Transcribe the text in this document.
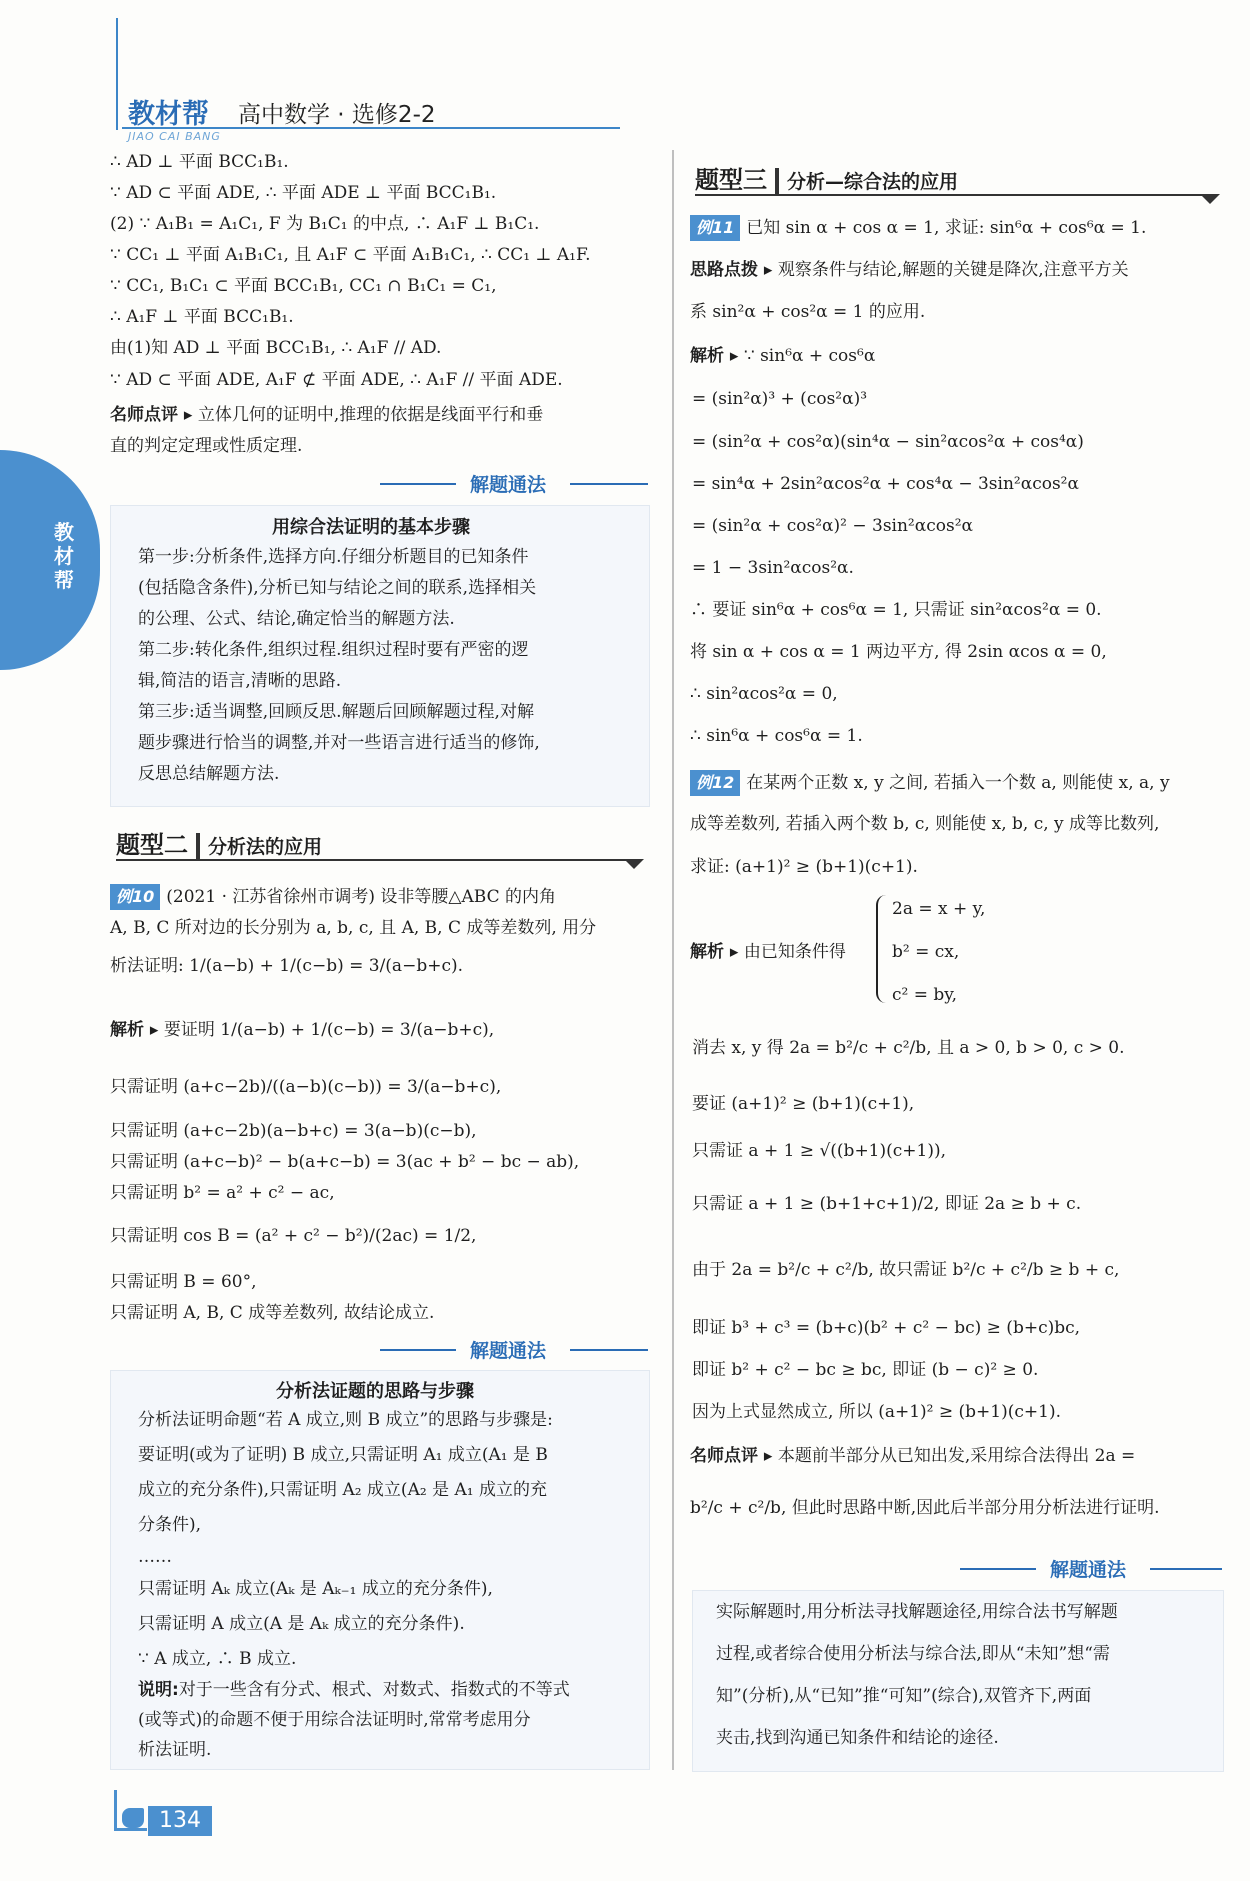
教材帮
JIAO CAI BANG
高中数学 · 选修2-2
教材帮
∴ AD ⊥ 平面 BCC₁B₁.
∵ AD ⊂ 平面 ADE, ∴ 平面 ADE ⊥ 平面 BCC₁B₁.
(2) ∵ A₁B₁ = A₁C₁, F 为 B₁C₁ 的中点, ∴ A₁F ⊥ B₁C₁.
∵ CC₁ ⊥ 平面 A₁B₁C₁, 且 A₁F ⊂ 平面 A₁B₁C₁, ∴ CC₁ ⊥ A₁F.
∵ CC₁, B₁C₁ ⊂ 平面 BCC₁B₁, CC₁ ∩ B₁C₁ = C₁,
∴ A₁F ⊥ 平面 BCC₁B₁.
由(1)知 AD ⊥ 平面 BCC₁B₁, ∴ A₁F // AD.
∵ AD ⊂ 平面 ADE, A₁F ⊄ 平面 ADE, ∴ A₁F // 平面 ADE.
名师点评 ▸ 立体几何的证明中,推理的依据是线面平行和垂
直的判定定理或性质定理.
解题通法
用综合法证明的基本步骤
第一步:分析条件,选择方向.仔细分析题目的已知条件
(包括隐含条件),分析已知与结论之间的联系,选择相关
的公理、公式、结论,确定恰当的解题方法.
第二步:转化条件,组织过程.组织过程时要有严密的逻
辑,简洁的语言,清晰的思路.
第三步:适当调整,回顾反思.解题后回顾解题过程,对解
题步骤进行恰当的调整,并对一些语言进行适当的修饰,
反思总结解题方法.
题型二 分析法的应用
例10 (2021 · 江苏省徐州市调考) 设非等腰△ABC 的内角
A, B, C 所对边的长分别为 a, b, c, 且 A, B, C 成等差数列, 用分
析法证明: 1/(a−b) + 1/(c−b) = 3/(a−b+c).
解析 ▸ 要证明 1/(a−b) + 1/(c−b) = 3/(a−b+c),
只需证明 (a+c−2b)/((a−b)(c−b)) = 3/(a−b+c),
只需证明 (a+c−2b)(a−b+c) = 3(a−b)(c−b),
只需证明 (a+c−b)² − b(a+c−b) = 3(ac + b² − bc − ab),
只需证明 b² = a² + c² − ac,
只需证明 cos B = (a² + c² − b²)/(2ac) = 1/2,
只需证明 B = 60°,
只需证明 A, B, C 成等差数列, 故结论成立.
解题通法
分析法证题的思路与步骤
分析法证明命题“若 A 成立,则 B 成立”的思路与步骤是:
要证明(或为了证明) B 成立,只需证明 A₁ 成立(A₁ 是 B
成立的充分条件),只需证明 A₂ 成立(A₂ 是 A₁ 成立的充
分条件),
……
只需证明 Aₖ 成立(Aₖ 是 Aₖ₋₁ 成立的充分条件),
只需证明 A 成立(A 是 Aₖ 成立的充分条件).
∵ A 成立, ∴ B 成立.
说明:对于一些含有分式、根式、对数式、指数式的不等式
(或等式)的命题不便于用综合法证明时,常常考虑用分
析法证明.
134
题型三 分析—综合法的应用
例11 已知 sin α + cos α = 1, 求证: sin⁶α + cos⁶α = 1.
思路点拨 ▸ 观察条件与结论,解题的关键是降次,注意平方关
系 sin²α + cos²α = 1 的应用.
解析 ▸ ∵ sin⁶α + cos⁶α
= (sin²α)³ + (cos²α)³
= (sin²α + cos²α)(sin⁴α − sin²αcos²α + cos⁴α)
= sin⁴α + 2sin²αcos²α + cos⁴α − 3sin²αcos²α
= (sin²α + cos²α)² − 3sin²αcos²α
= 1 − 3sin²αcos²α.
∴ 要证 sin⁶α + cos⁶α = 1, 只需证 sin²αcos²α = 0.
将 sin α + cos α = 1 两边平方, 得 2sin αcos α = 0,
∴ sin²αcos²α = 0,
∴ sin⁶α + cos⁶α = 1.
例12 在某两个正数 x, y 之间, 若插入一个数 a, 则能使 x, a, y
成等差数列, 若插入两个数 b, c, 则能使 x, b, c, y 成等比数列,
求证: (a+1)² ≥ (b+1)(c+1).
解析 ▸ 由已知条件得
2a = x + y,
b² = cx,
c² = by,
消去 x, y 得 2a = b²/c + c²/b, 且 a > 0, b > 0, c > 0.
要证 (a+1)² ≥ (b+1)(c+1),
只需证 a + 1 ≥ √((b+1)(c+1)),
只需证 a + 1 ≥ (b+1+c+1)/2, 即证 2a ≥ b + c.
由于 2a = b²/c + c²/b, 故只需证 b²/c + c²/b ≥ b + c,
即证 b³ + c³ = (b+c)(b² + c² − bc) ≥ (b+c)bc,
即证 b² + c² − bc ≥ bc, 即证 (b − c)² ≥ 0.
因为上式显然成立, 所以 (a+1)² ≥ (b+1)(c+1).
名师点评 ▸ 本题前半部分从已知出发,采用综合法得出 2a =
b²/c + c²/b, 但此时思路中断,因此后半部分用分析法进行证明.
解题通法
实际解题时,用分析法寻找解题途径,用综合法书写解题
过程,或者综合使用分析法与综合法,即从“未知”想“需
知”(分析),从“已知”推“可知”(综合),双管齐下,两面
夹击,找到沟通已知条件和结论的途径.
